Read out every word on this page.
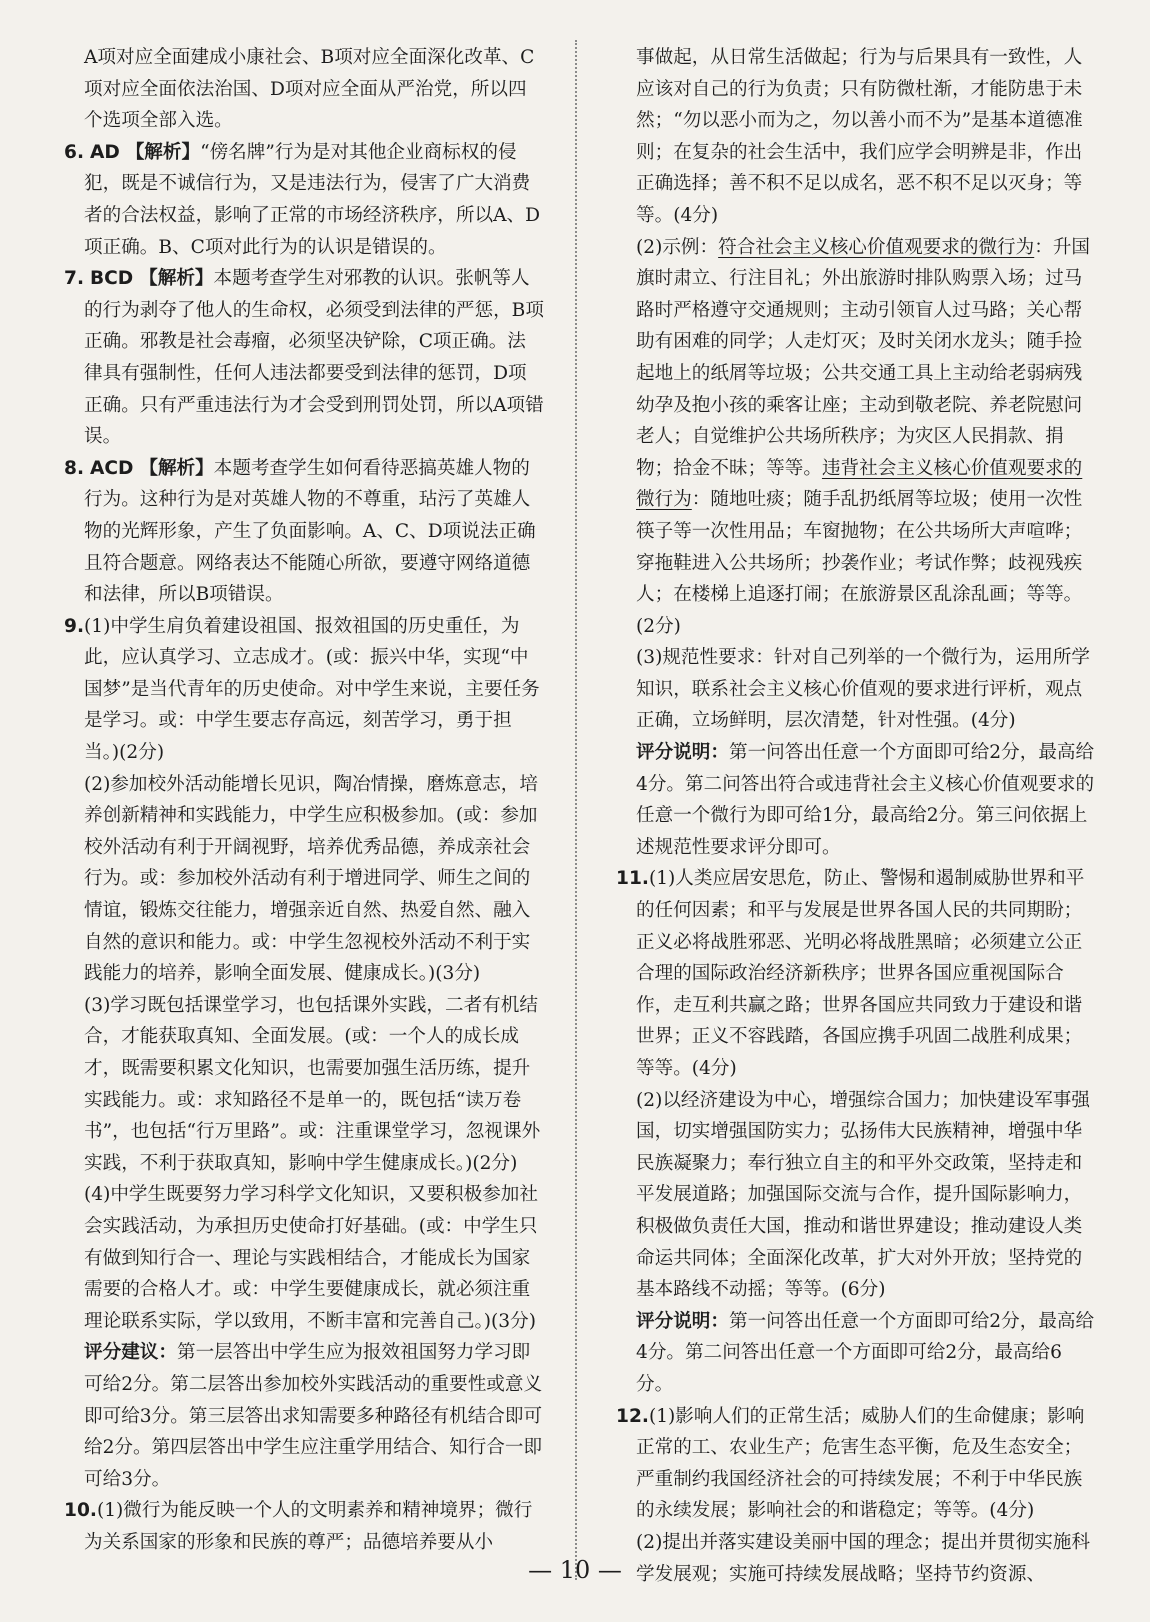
A项对应全面建成小康社会、B项对应全面深化改革、C项对应全面依法治国、D项对应全面从严治党，所以四个选项全部入选。

6. AD 【解析】“傍名牌”行为是对其他企业商标权的侵犯，既是不诚信行为，又是违法行为，侵害了广大消费者的合法权益，影响了正常的市场经济秩序，所以A、D项正确。B、C项对此行为的认识是错误的。

7. BCD 【解析】本题考查学生对邪教的认识。张帆等人的行为剥夺了他人的生命权，必须受到法律的严惩，B项正确。邪教是社会毒瘤，必须坚决铲除，C项正确。法律具有强制性，任何人违法都要受到法律的惩罚，D项正确。只有严重违法行为才会受到刑罚处罚，所以A项错误。

8. ACD 【解析】本题考查学生如何看待恶搞英雄人物的行为。这种行为是对英雄人物的不尊重，玷污了英雄人物的光辉形象，产生了负面影响。A、C、D项说法正确且符合题意。网络表达不能随心所欲，要遵守网络道德和法律，所以B项错误。

9.(1)中学生肩负着建设祖国、报效祖国的历史重任，为此，应认真学习、立志成才。(或：振兴中华，实现“中国梦”是当代青年的历史使命。对中学生来说，主要任务是学习。或：中学生要志存高远，刻苦学习，勇于担当。)(2分)

(2)参加校外活动能增长见识，陶冶情操，磨炼意志，培养创新精神和实践能力，中学生应积极参加。(或：参加校外活动有利于开阔视野，培养优秀品德，养成亲社会行为。或：参加校外活动有利于增进同学、师生之间的情谊，锻炼交往能力，增强亲近自然、热爱自然、融入自然的意识和能力。或：中学生忽视校外活动不利于实践能力的培养，影响全面发展、健康成长。)(3分)

(3)学习既包括课堂学习，也包括课外实践，二者有机结合，才能获取真知、全面发展。(或：一个人的成长成才，既需要积累文化知识，也需要加强生活历练，提升实践能力。或：求知路径不是单一的，既包括“读万卷书”，也包括“行万里路”。或：注重课堂学习，忽视课外实践，不利于获取真知，影响中学生健康成长。)(2分)

(4)中学生既要努力学习科学文化知识，又要积极参加社会实践活动，为承担历史使命打好基础。(或：中学生只有做到知行合一、理论与实践相结合，才能成长为国家需要的合格人才。或：中学生要健康成长，就必须注重理论联系实际，学以致用，不断丰富和完善自己。)(3分)

评分建议：第一层答出中学生应为报效祖国努力学习即可给2分。第二层答出参加校外实践活动的重要性或意义即可给3分。第三层答出求知需要多种路径有机结合即可给2分。第四层答出中学生应注重学用结合、知行合一即可给3分。

10.(1)微行为能反映一个人的文明素养和精神境界；微行为关系国家的形象和民族的尊严；品德培养要从小

事做起，从日常生活做起；行为与后果具有一致性，人应该对自己的行为负责；只有防微杜渐，才能防患于未然；“勿以恶小而为之，勿以善小而不为”是基本道德准则；在复杂的社会生活中，我们应学会明辨是非，作出正确选择；善不积不足以成名，恶不积不足以灭身；等等。(4分)

(2)示例：符合社会主义核心价值观要求的微行为：升国旗时肃立、行注目礼；外出旅游时排队购票入场；过马路时严格遵守交通规则；主动引领盲人过马路；关心帮助有困难的同学；人走灯灭；及时关闭水龙头；随手捡起地上的纸屑等垃圾；公共交通工具上主动给老弱病残幼孕及抱小孩的乘客让座；主动到敬老院、养老院慰问老人；自觉维护公共场所秩序；为灾区人民捐款、捐物；拾金不昧；等等。违背社会主义核心价值观要求的微行为：随地吐痰；随手乱扔纸屑等垃圾；使用一次性筷子等一次性用品；车窗抛物；在公共场所大声喧哗；穿拖鞋进入公共场所；抄袭作业；考试作弊；歧视残疾人；在楼梯上追逐打闹；在旅游景区乱涂乱画；等等。(2分)

(3)规范性要求：针对自己列举的一个微行为，运用所学知识，联系社会主义核心价值观的要求进行评析，观点正确，立场鲜明，层次清楚，针对性强。(4分)

评分说明：第一问答出任意一个方面即可给2分，最高给4分。第二问答出符合或违背社会主义核心价值观要求的任意一个微行为即可给1分，最高给2分。第三问依据上述规范性要求评分即可。

11.(1)人类应居安思危，防止、警惕和遏制威胁世界和平的任何因素；和平与发展是世界各国人民的共同期盼；正义必将战胜邪恶、光明必将战胜黑暗；必须建立公正合理的国际政治经济新秩序；世界各国应重视国际合作，走互利共赢之路；世界各国应共同致力于建设和谐世界；正义不容践踏，各国应携手巩固二战胜利成果；等等。(4分)

(2)以经济建设为中心，增强综合国力；加快建设军事强国，切实增强国防实力；弘扬伟大民族精神，增强中华民族凝聚力；奉行独立自主的和平外交政策，坚持走和平发展道路；加强国际交流与合作，提升国际影响力，积极做负责任大国，推动和谐世界建设；推动建设人类命运共同体；全面深化改革，扩大对外开放；坚持党的基本路线不动摇；等等。(6分)

评分说明：第一问答出任意一个方面即可给2分，最高给4分。第二问答出任意一个方面即可给2分，最高给6分。

12.(1)影响人们的正常生活；威胁人们的生命健康；影响正常的工、农业生产；危害生态平衡，危及生态安全；严重制约我国经济社会的可持续发展；不利于中华民族的永续发展；影响社会的和谐稳定；等等。(4分)

(2)提出并落实建设美丽中国的理念；提出并贯彻实施科学发展观；实施可持续发展战略；坚持节约资源、

— 10 —
